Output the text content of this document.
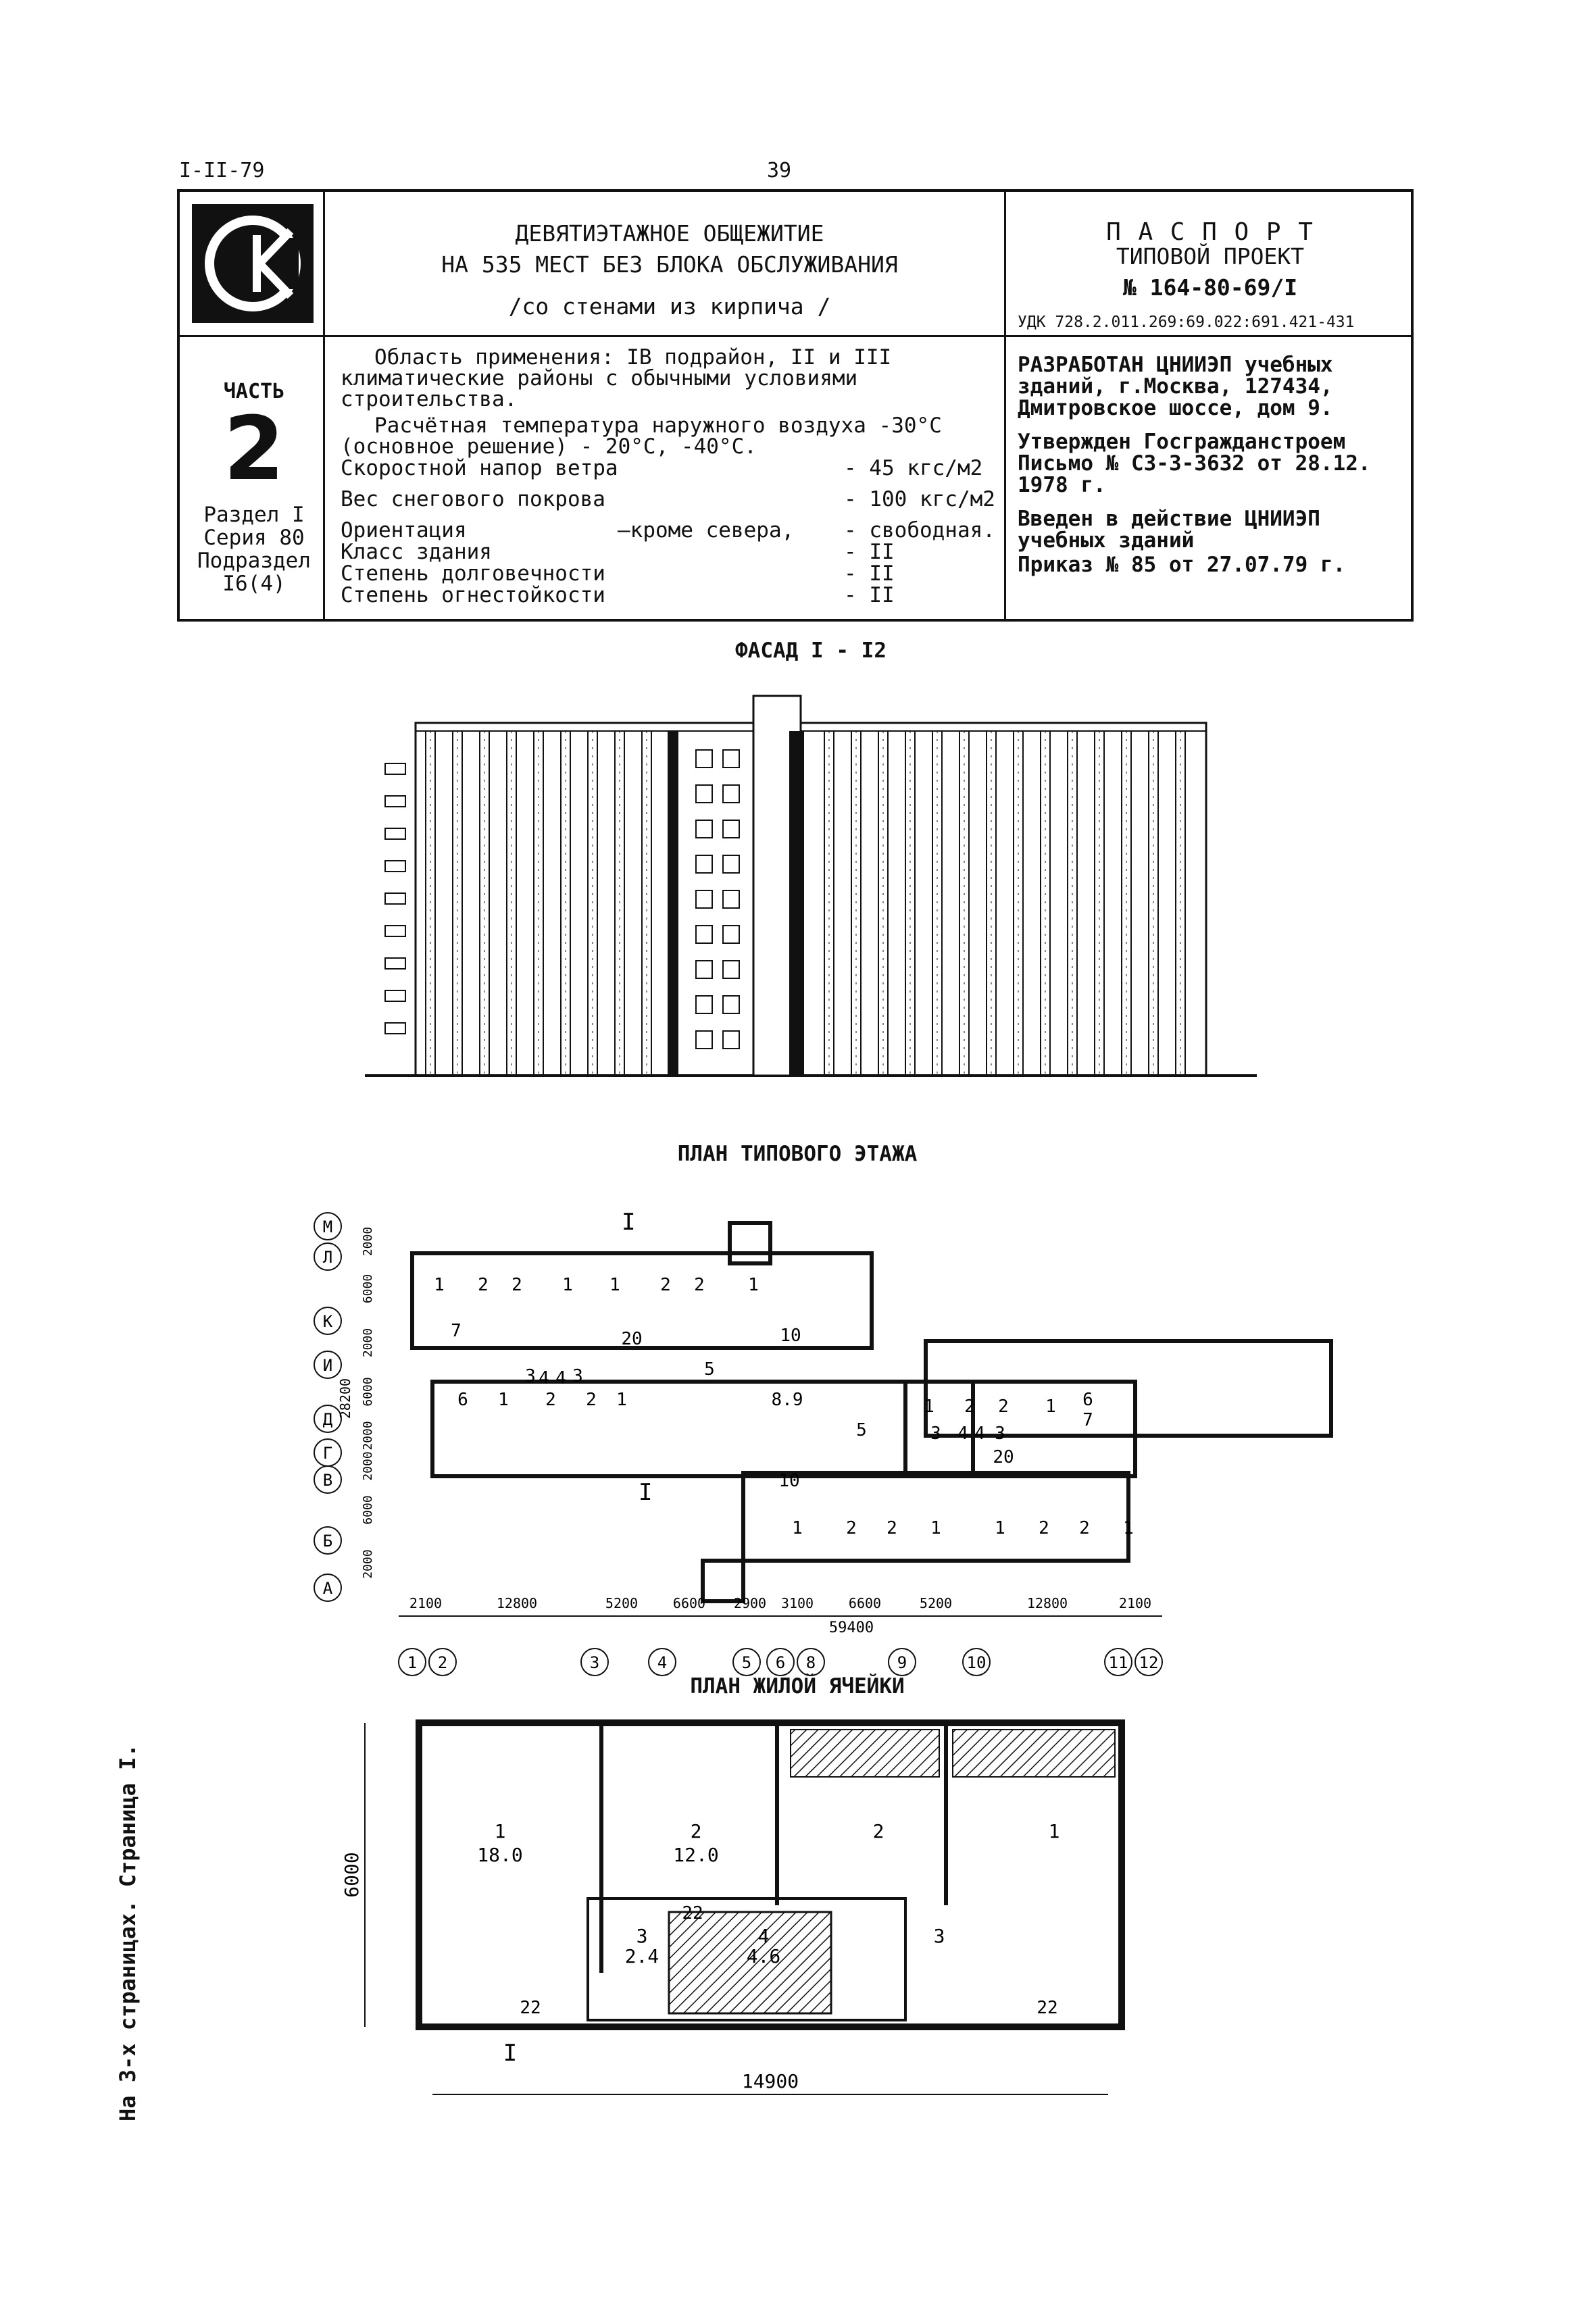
I-II-79	39
ДЕВЯТИЭТАЖНОЕ ОБЩЕЖИТИЕ
НА 535 МЕСТ БЕЗ БЛОКА ОБСЛУЖИВАНИЯ
/со стенами из кирпича /
П А С П О Р Т
ТИПОВОЙ ПРОЕКТ
№ 164-80-69/I
УДК 728.2.011.269:69.022:691.421-431
ЧАСТЬ
2
Раздел I
Серия 80
Подраздел
I6(4)
Область применения: IВ подрайон, II и III климатические районы с обычными условиями строительства.
Расчётная температура наружного воздуха -30°С (основное решение) - 20°С, -40°С.
Скоростной напор ветра	- 45 кгс/м2
Вес снегового покрова	- 100 кгс/м2
Ориентация	—кроме севера, - свободная.
Класс здания	- II
Степень долговечности	- II
Степень огнестойкости	- II

РАЗРАБОТАН ЦНИИЭП учебных зданий, г.Москва, 127434, Дмитровское шоссе, дом 9.

Утвержден Госгражданстроем Письмо № СЗ-3-3632 от 28.12. 1978 г.

Введен в действие ЦНИИЭП учебных зданий

Приказ № 85 от 27.07.79 г.

ФАСАД I - I2
ПЛАН ТИПОВОГО ЭТАЖА
I
I
М
Л
К
И
Д
Г
В
Б
А
2000
6000
2000
6000
2000
2000
6000
2000
28200
1 2	3	4	5 6 8	9	10	11 12
2100	12800	5200	6600 2900 3100	6600	5200	12800	2100
59400
1 2 2 1 1 2 2 1
7	20	10
6 1 2 2 1
3 4 4 3	5
8.9
5
1 2 2 1 6
7
3 4 4 3
20
10
1 2 2 1	1 2 2 1
ПЛАН ЖИЛОЙ ЯЧЕЙКИ
1
18.0
2
12.0
2	1
3
2.4
3
4
4.6
22
22
22
I
6000
14900
На 3-х страницах. Страница I.
